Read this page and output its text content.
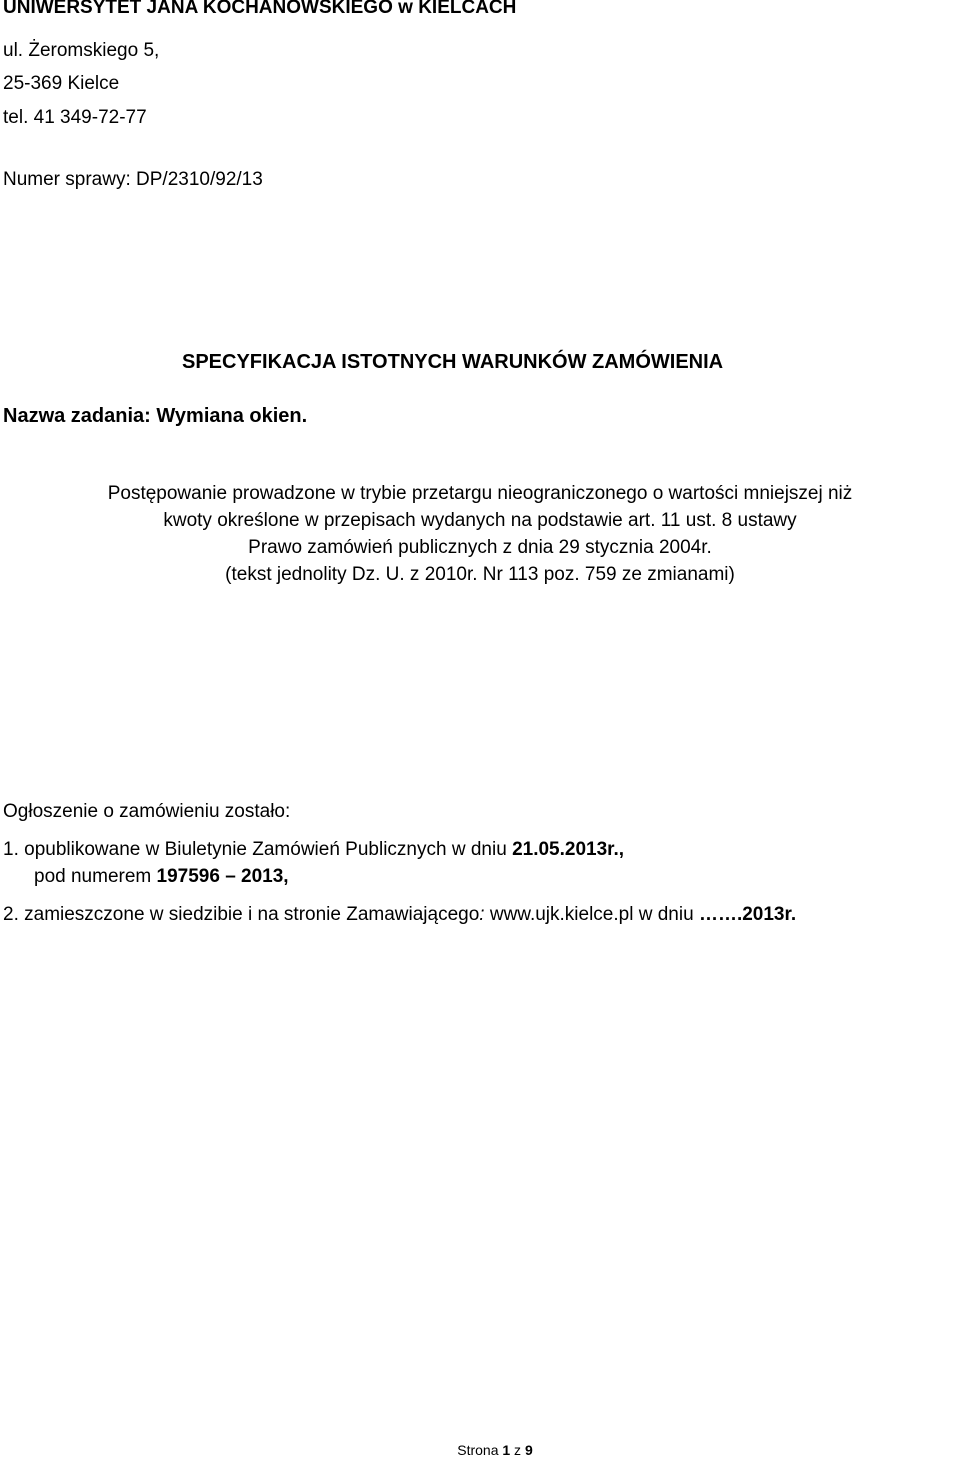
UNIWERSYTET JANA KOCHANOWSKIEGO w KIELCACH
ul. Żeromskiego 5,
25-369 Kielce
tel. 41 349-72-77
Numer sprawy: DP/2310/92/13
SPECYFIKACJA ISTOTNYCH WARUNKÓW ZAMÓWIENIA
Nazwa zadania: Wymiana okien.
Postępowanie prowadzone w trybie przetargu nieograniczonego o wartości mniejszej niż
kwoty określone w przepisach wydanych na podstawie art. 11 ust. 8 ustawy
Prawo zamówień publicznych z dnia 29 stycznia 2004r.
(tekst jednolity Dz. U. z 2010r. Nr 113 poz. 759 ze zmianami)
Ogłoszenie o zamówieniu zostało:
1. opublikowane w Biuletynie Zamówień Publicznych w dniu 21.05.2013r.,
pod numerem 197596 – 2013,
2. zamieszczone w siedzibie i na stronie Zamawiającego: www.ujk.kielce.pl w dniu …….2013r.
Strona 1 z 9
